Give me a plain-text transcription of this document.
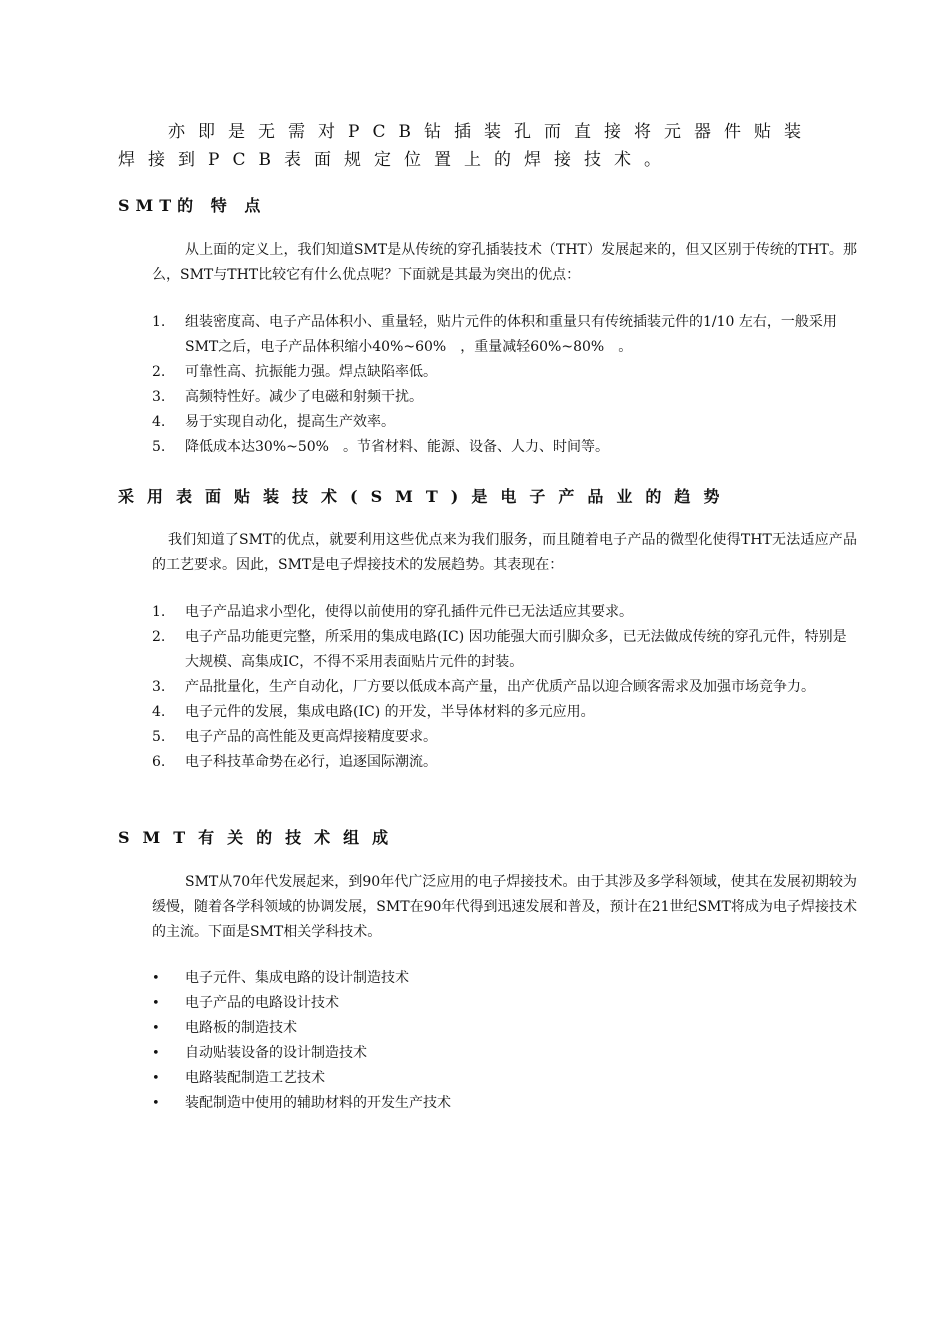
亦即是无需对PCB钻插装孔而直接将元器件贴装
焊接到PCB表面规定位置上的焊接技术。
SMT的 特 点
从上面的定义上，我们知道SMT是从传统的穿孔插装技术（THT）发展起来的，但又区别于传统的THT。那么，SMT与THT比较它有什么优点呢？下面就是其最为突出的优点：
1. 组装密度高、电子产品体积小、重量轻，贴片元件的体积和重量只有传统插装元件的1/10 左右，一般采用SMT之后，电子产品体积缩小40%~60%　，重量减轻60%~80%　。
2. 可靠性高、抗振能力强。焊点缺陷率低。
3. 高频特性好。减少了电磁和射频干扰。
4. 易于实现自动化，提高生产效率。
5. 降低成本达30%~50%　。节省材料、能源、设备、人力、时间等。
采用表面贴装技术(SMT)是电子产品业的趋势
我们知道了SMT的优点，就要利用这些优点来为我们服务，而且随着电子产品的微型化使得THT无法适应产品的工艺要求。因此，SMT是电子焊接技术的发展趋势。其表现在：
1. 电子产品追求小型化，使得以前使用的穿孔插件元件已无法适应其要求。
2. 电子产品功能更完整，所采用的集成电路(IC) 因功能强大而引脚众多，已无法做成传统的穿孔元件，特别是大规模、高集成IC，不得不采用表面贴片元件的封装。
3. 产品批量化，生产自动化，厂方要以低成本高产量，出产优质产品以迎合顾客需求及加强市场竞争力。
4. 电子元件的发展，集成电路(IC) 的开发，半导体材料的多元应用。
5. 电子产品的高性能及更高焊接精度要求。
6. 电子科技革命势在必行，追逐国际潮流。
SMT有关的技术组成
SMT从70年代发展起来，到90年代广泛应用的电子焊接技术。由于其涉及多学科领域，使其在发展初期较为缓慢，随着各学科领域的协调发展，SMT在90年代得到迅速发展和普及，预计在21世纪SMT将成为电子焊接技术的主流。下面是SMT相关学科技术。
• 电子元件、集成电路的设计制造技术
• 电子产品的电路设计技术
• 电路板的制造技术
• 自动贴装设备的设计制造技术
• 电路装配制造工艺技术
• 装配制造中使用的辅助材料的开发生产技术
